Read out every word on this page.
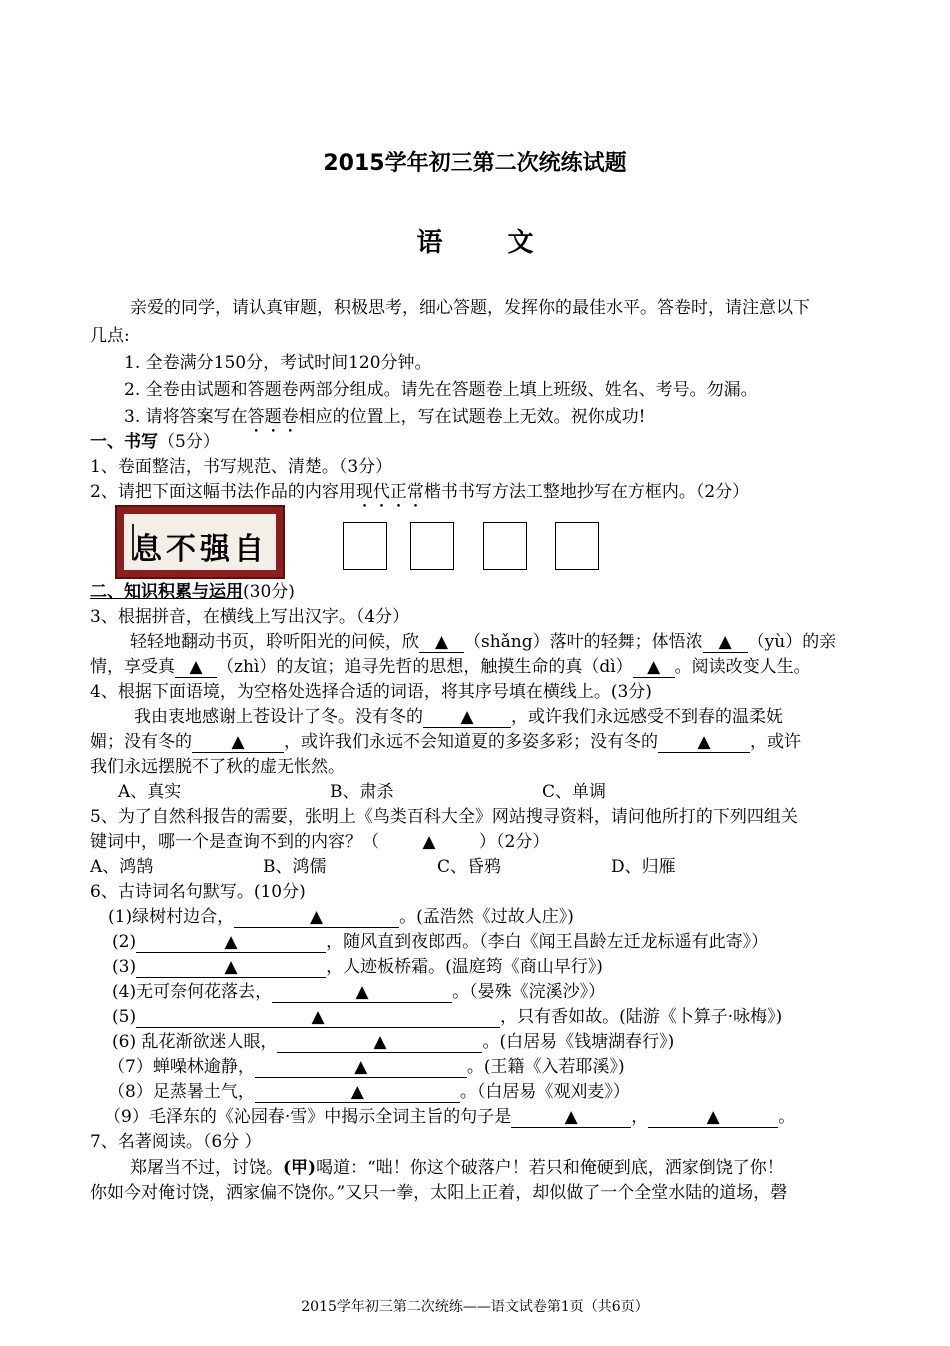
2015学年初三第二次统练试题
语 文
亲爱的同学，请认真审题，积极思考，细心答题，发挥你的最佳水平。答卷时，请注意以下
几点:
1. 全卷满分150分，考试时间120分钟。
2. 全卷由试题和答题卷两部分组成。请先在答题卷上填上班级、姓名、考号。勿漏。
3. 请将答案写在答题卷相应的位置上，写在试题卷上无效。祝你成功!
一、书写（5分）
1、卷面整洁，书写规范、清楚。（3分）
2、请把下面这幅书法作品的内容用现代正常楷书书写方法工整地抄写在方框内。（2分）
自强不息
二、知识积累与运用(30分)
3、根据拼音，在横线上写出汉字。（4分）
轻轻地翻动书页，聆听阳光的问候，欣 ▲ （shǎng）落叶的轻舞；体悟浓 ▲ （yù）的亲
情，享受真 ▲ （zhì）的友谊；追寻先哲的思想，触摸生命的真（dì） ▲ 。阅读改变人生。
4、根据下面语境，为空格处选择合适的词语，将其序号填在横线上。(3分)
我由衷地感谢上苍设计了冬。没有冬的 ▲ ，或许我们永远感受不到春的温柔妩
媚；没有冬的 ▲ ，或许我们永远不会知道夏的多姿多彩；没有冬的 ▲ ，或许
我们永远摆脱不了秋的虚无怅然。
A、真实	B、肃杀	C、单调
5、为了自然科报告的需要，张明上《鸟类百科大全》网站搜寻资料，请问他所打的下列四组关
键词中，哪一个是查询不到的内容？（	▲	）（2分）
A、鸿鹄	B、鸿儒	C、昏鸦	D、归雁
6、古诗词名句默写。(10分)
(1)绿树村边合，	▲	。(孟浩然《过故人庄》)
(2)	▲	，随风直到夜郎西。（李白《闻王昌龄左迁龙标遥有此寄》）
(3)	▲	，人迹板桥霜。(温庭筠《商山早行》)
(4)无可奈何花落去，	▲	。（晏殊《浣溪沙》）
(5)	▲	，只有香如故。(陆游《卜算子·咏梅》)
(6) 乱花渐欲迷人眼，	▲	。(白居易《钱塘湖春行》)
（7）蝉噪林逾静，	▲	。(王籍《入若耶溪》)
（8）足蒸暑土气，	▲	。（白居易《观刈麦》）
（9）毛泽东的《沁园春·雪》中揭示全词主旨的句子是	▲	，	▲	。
7、名著阅读。（6分 ）
郑屠当不过，讨饶。(甲)喝道：“咄！你这个破落户！若只和俺硬到底，洒家倒饶了你！
你如今对俺讨饶，洒家偏不饶你。”又只一拳，太阳上正着，却似做了一个全堂水陆的道场，磬
2015学年初三第二次统练——语文试卷第1页（共6页）
